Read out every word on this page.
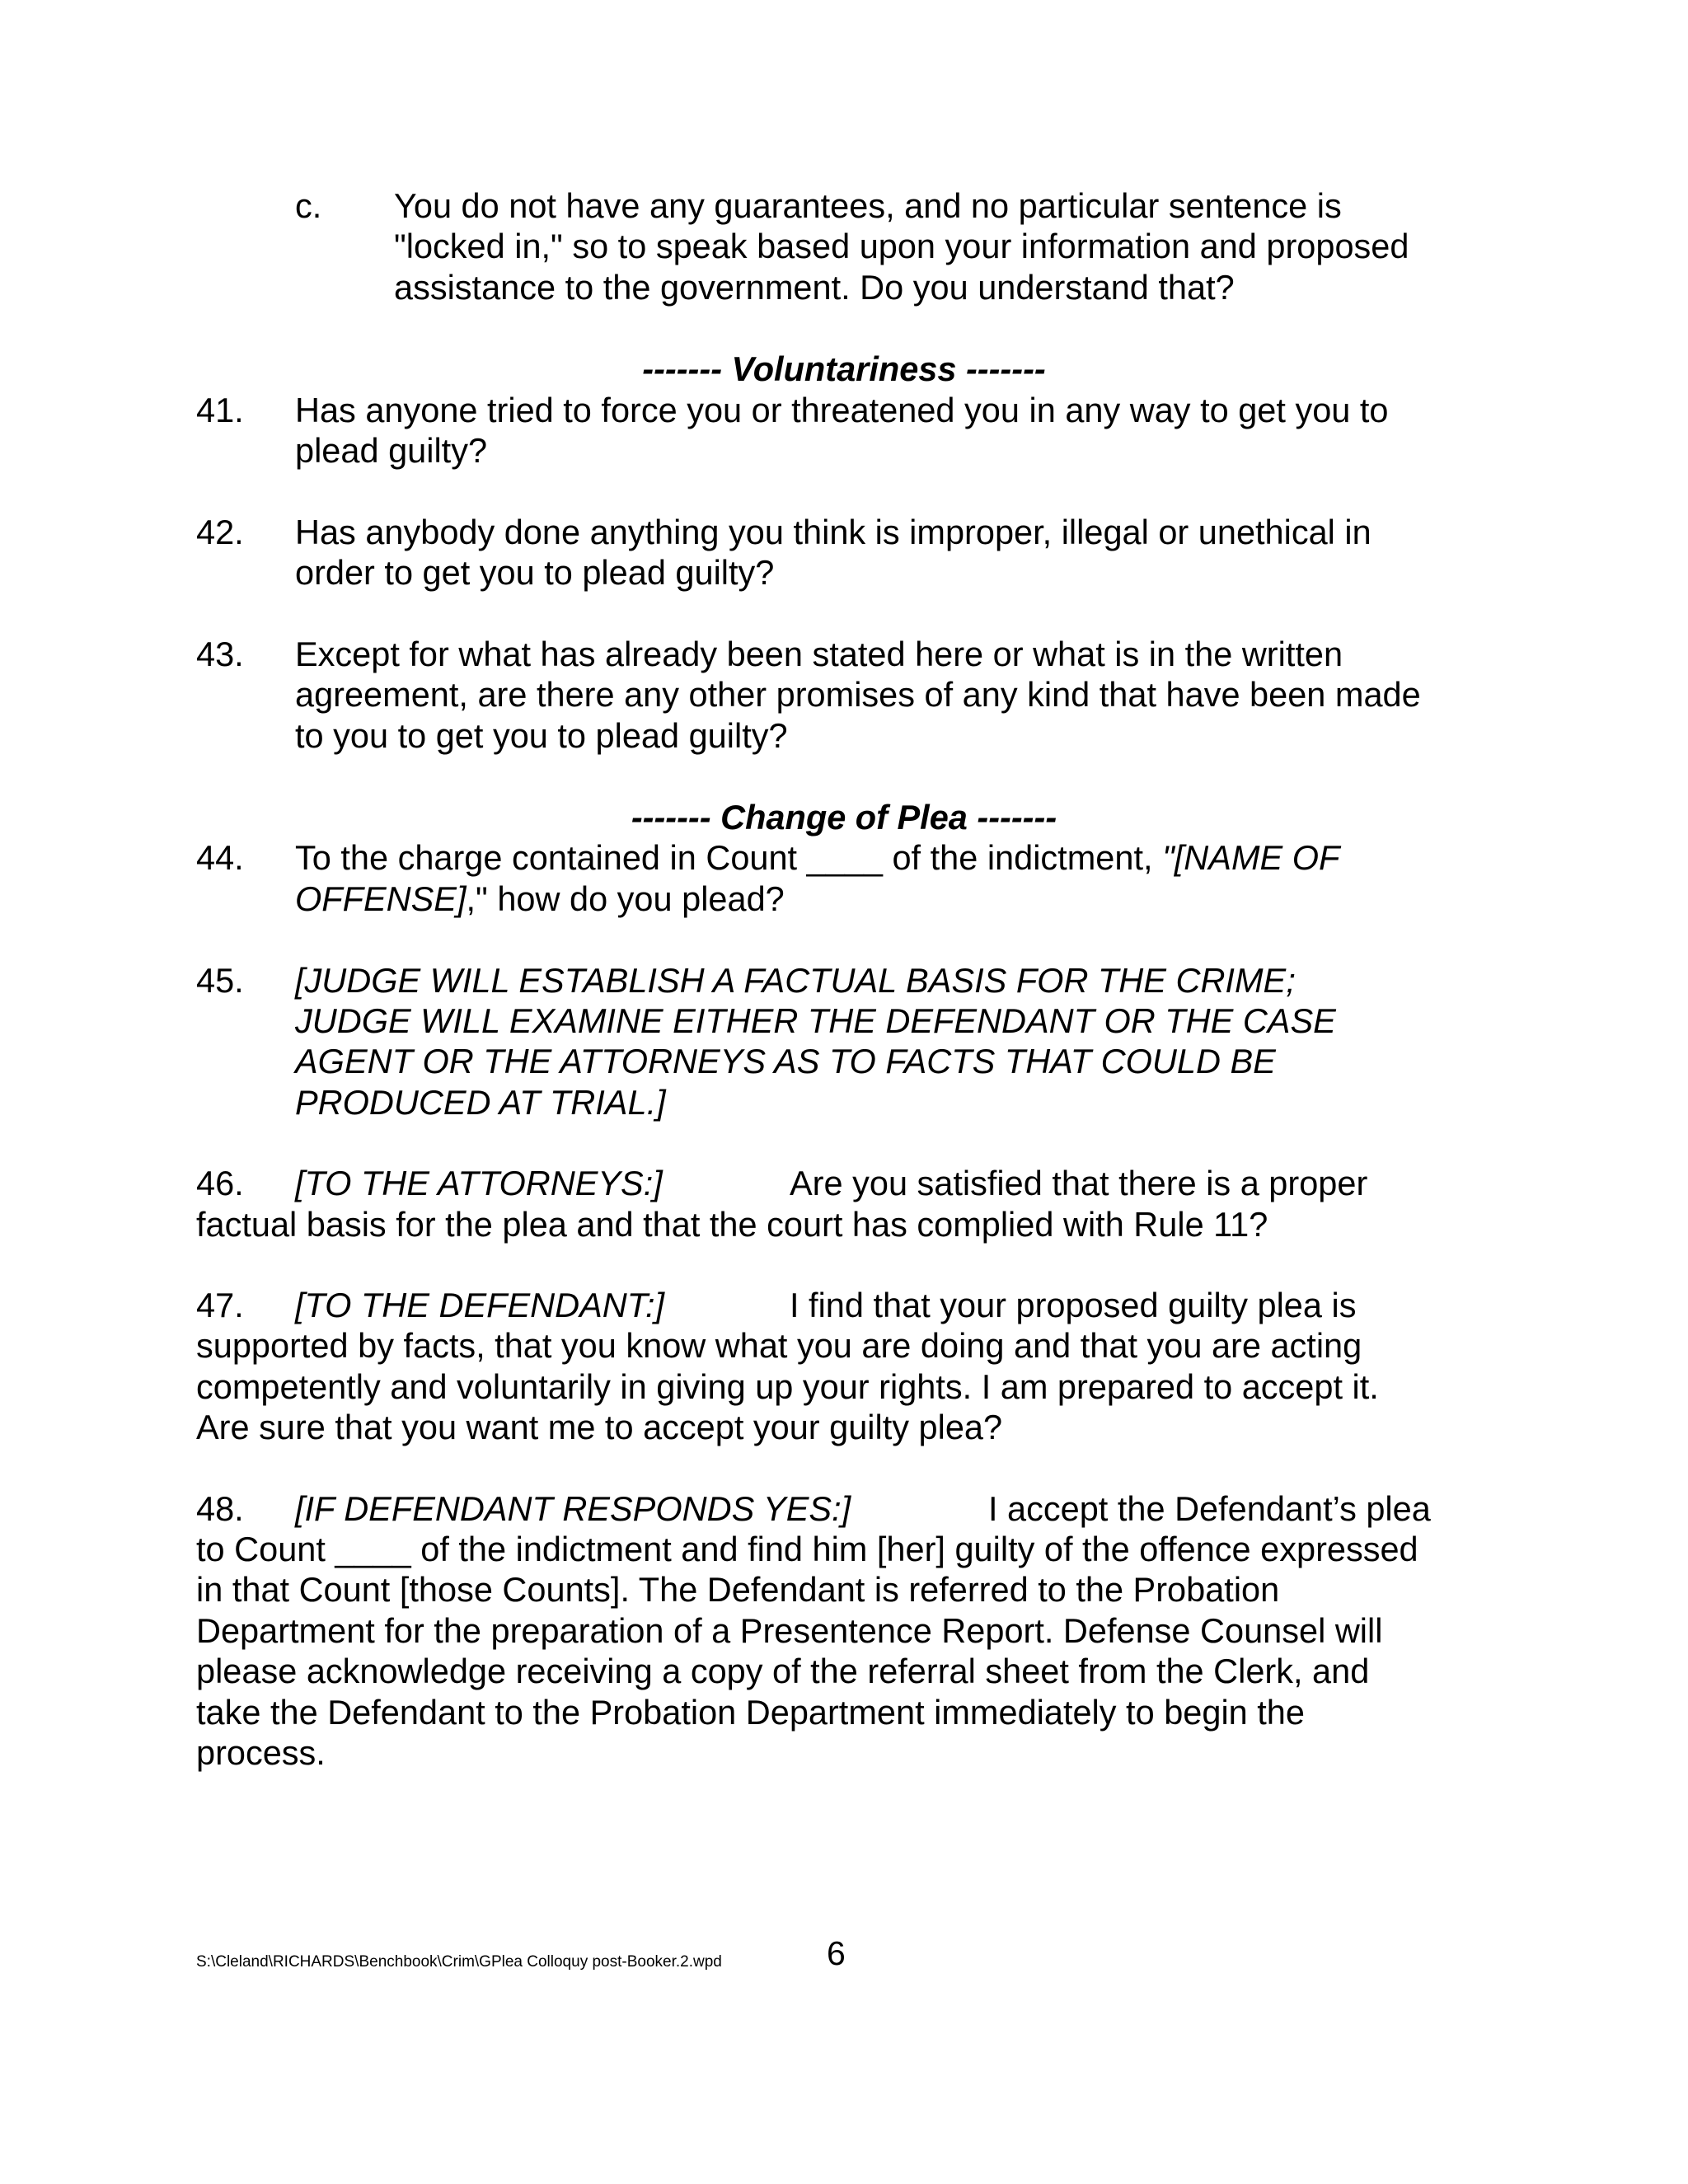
c. You do not have any guarantees, and no particular sentence is
"locked in," so to speak based upon your information and proposed
assistance to the government. Do you understand that?
------- Voluntariness -------
41. Has anyone tried to force you or threatened you in any way to get you to
plead guilty?
42. Has anybody done anything you think is improper, illegal or unethical in
order to get you to plead guilty?
43. Except for what has already been stated here or what is in the written
agreement, are there any other promises of any kind that have been made
to you to get you to plead guilty?
------- Change of Plea -------
44. To the charge contained in Count ____ of the indictment, "[NAME OF
OFFENSE]," how do you plead?
45. [JUDGE WILL ESTABLISH A FACTUAL BASIS FOR THE CRIME;
JUDGE WILL EXAMINE EITHER THE DEFENDANT OR THE CASE
AGENT OR THE ATTORNEYS AS TO FACTS THAT COULD BE
PRODUCED AT TRIAL.]
46. [TO THE ATTORNEYS:]	Are you satisfied that there is a proper
factual basis for the plea and that the court has complied with Rule 11?
47. [TO THE DEFENDANT:]	I find that your proposed guilty plea is
supported by facts, that you know what you are doing and that you are acting
competently and voluntarily in giving up your rights. I am prepared to accept it.
Are sure that you want me to accept your guilty plea?
48. [IF DEFENDANT RESPONDS YES:]	I accept the Defendant’s plea
to Count ____ of the indictment and find him [her] guilty of the offence expressed
in that Count [those Counts]. The Defendant is referred to the Probation
Department for the preparation of a Presentence Report. Defense Counsel will
please acknowledge receiving a copy of the referral sheet from the Clerk, and
take the Defendant to the Probation Department immediately to begin the
process.
S:\Cleland\RICHARDS\Benchbook\Crim\GPlea Colloquy post-Booker.2.wpd	6
